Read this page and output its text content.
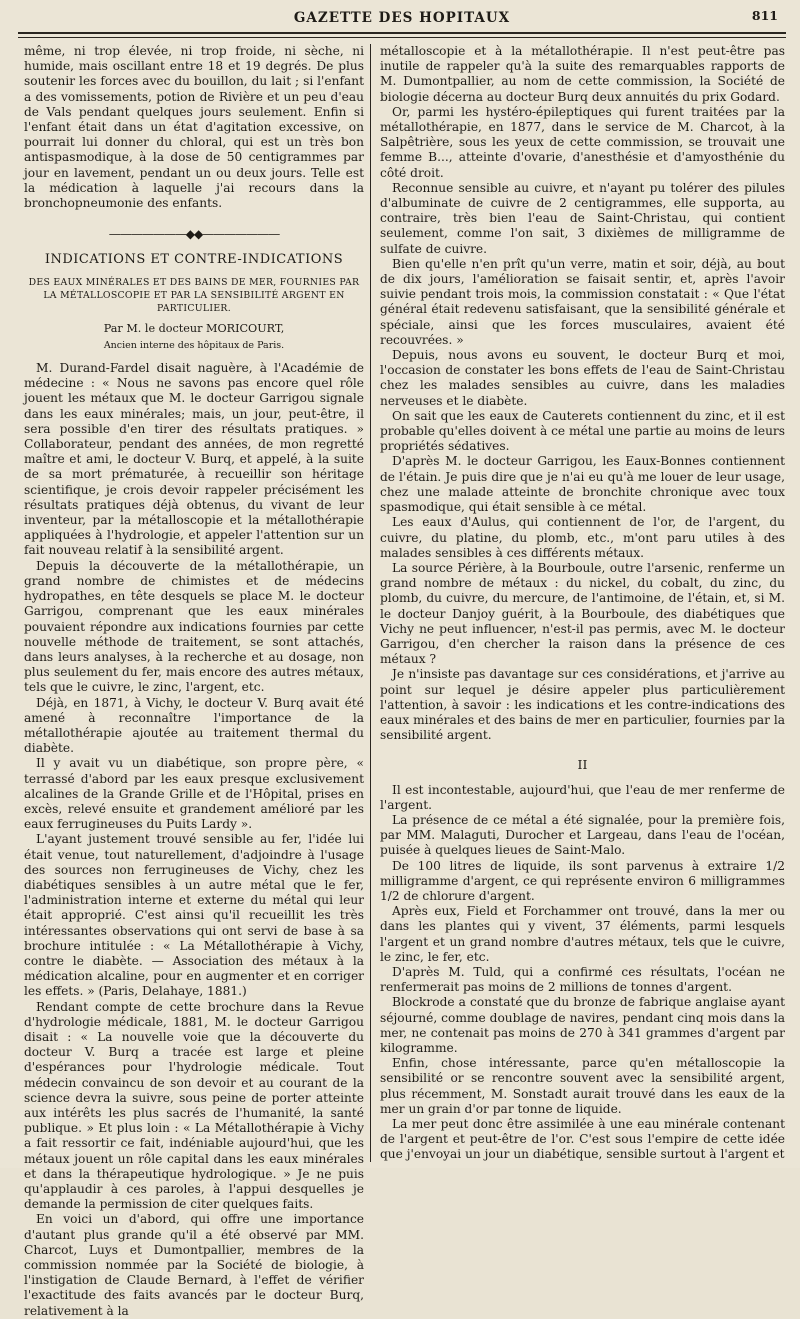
GAZETTE DES HOPITAUX	811

même, ni trop élevée, ni trop froide, ni sèche, ni humide, mais oscillant entre 18 et 19 degrés. De plus soutenir les forces avec du bouillon, du lait ; si l'enfant a des vomissements, potion de Rivière et un peu d'eau de Vals pendant quelques jours seulement. Enfin si l'enfant était dans un état d'agitation excessive, on pourrait lui donner du chloral, qui est un très bon antispasmodique, à la dose de 50 centigrammes par jour en lavement, pendant un ou deux jours. Telle est la médication à laquelle j'ai recours dans la bronchopneumonie des enfants.

———————◆◆———————
INDICATIONS ET CONTRE-INDICATIONS
DES EAUX MINÉRALES ET DES BAINS DE MER, FOURNIES PAR LA MÉTALLOSCOPIE ET PAR LA SENSIBILITÉ ARGENT EN PARTICULIER.
Par M. le docteur MORICOURT,
Ancien interne des hôpitaux de Paris.

M. Durand-Fardel disait naguère, à l'Académie de médecine : « Nous ne savons pas encore quel rôle jouent les métaux que M. le docteur Garrigou signale dans les eaux minérales; mais, un jour, peut-être, il sera possible d'en tirer des résultats pratiques. » Collaborateur, pendant des années, de mon regretté maître et ami, le docteur V. Burq, et appelé, à la suite de sa mort prématurée, à recueillir son héritage scientifique, je crois devoir rappeler précisément les résultats pratiques déjà obtenus, du vivant de leur inventeur, par la métalloscopie et la métallothérapie appliquées à l'hydrologie, et appeler l'attention sur un fait nouveau relatif à la sensibilité argent.

Depuis la découverte de la métallothérapie, un grand nombre de chimistes et de médecins hydropathes, en tête desquels se place M. le docteur Garrigou, comprenant que les eaux minérales pouvaient répondre aux indications fournies par cette nouvelle méthode de traitement, se sont attachés, dans leurs analyses, à la recherche et au dosage, non plus seulement du fer, mais encore des autres métaux, tels que le cuivre, le zinc, l'argent, etc.

Déjà, en 1871, à Vichy, le docteur V. Burq avait été amené à reconnaître l'importance de la métallothérapie ajoutée au traitement thermal du diabète.

Il y avait vu un diabétique, son propre père, « terrassé d'abord par les eaux presque exclusivement alcalines de la Grande Grille et de l'Hôpital, prises en excès, relevé ensuite et grandement amélioré par les eaux ferrugineuses du Puits Lardy ».

L'ayant justement trouvé sensible au fer, l'idée lui était venue, tout naturellement, d'adjoindre à l'usage des sources non ferrugineuses de Vichy, chez les diabétiques sensibles à un autre métal que le fer, l'administration interne et externe du métal qui leur était approprié. C'est ainsi qu'il recueillit les très intéressantes observations qui ont servi de base à sa brochure intitulée : « La Métallothérapie à Vichy, contre le diabète. — Association des métaux à la médication alcaline, pour en augmenter et en corriger les effets. » (Paris, Delahaye, 1881.)

Rendant compte de cette brochure dans la Revue d'hydrologie médicale, 1881, M. le docteur Garrigou disait : « La nouvelle voie que la découverte du docteur V. Burq a tracée est large et pleine d'espérances pour l'hydrologie médicale. Tout médecin convaincu de son devoir et au courant de la science devra la suivre, sous peine de porter atteinte aux intérêts les plus sacrés de l'humanité, la santé publique. » Et plus loin : « La Métallothérapie à Vichy a fait ressortir ce fait, indéniable aujourd'hui, que les métaux jouent un rôle capital dans les eaux minérales et dans la thérapeutique hydrologique. » Je ne puis qu'applaudir à ces paroles, à l'appui desquelles je demande la permission de citer quelques faits.

En voici un d'abord, qui offre une importance d'autant plus grande qu'il a été observé par MM. Charcot, Luys et Dumontpallier, membres de la commission nommée par la Société de biologie, à l'instigation de Claude Bernard, à l'effet de vérifier l'exactitude des faits avancés par le docteur Burq, relativement à la

métalloscopie et à la métallothérapie. Il n'est peut-être pas inutile de rappeler qu'à la suite des remarquables rapports de M. Dumontpallier, au nom de cette commission, la Société de biologie décerna au docteur Burq deux annuités du prix Godard.

Or, parmi les hystéro-épileptiques qui furent traitées par la métallothérapie, en 1877, dans le service de M. Charcot, à la Salpêtrière, sous les yeux de cette commission, se trouvait une femme B..., atteinte d'ovarie, d'anesthésie et d'amyosthénie du côté droit.

Reconnue sensible au cuivre, et n'ayant pu tolérer des pilules d'albuminate de cuivre de 2 centigrammes, elle supporta, au contraire, très bien l'eau de Saint-Christau, qui contient seulement, comme l'on sait, 3 dixièmes de milligramme de sulfate de cuivre.

Bien qu'elle n'en prît qu'un verre, matin et soir, déjà, au bout de dix jours, l'amélioration se faisait sentir, et, après l'avoir suivie pendant trois mois, la commission constatait : « Que l'état général était redevenu satisfaisant, que la sensibilité générale et spéciale, ainsi que les forces musculaires, avaient été recouvrées. »

Depuis, nous avons eu souvent, le docteur Burq et moi, l'occasion de constater les bons effets de l'eau de Saint-Christau chez les malades sensibles au cuivre, dans les maladies nerveuses et le diabète.

On sait que les eaux de Cauterets contiennent du zinc, et il est probable qu'elles doivent à ce métal une partie au moins de leurs propriétés sédatives.

D'après M. le docteur Garrigou, les Eaux-Bonnes contiennent de l'étain. Je puis dire que je n'ai eu qu'à me louer de leur usage, chez une malade atteinte de bronchite chronique avec toux spasmodique, qui était sensible à ce métal.

Les eaux d'Aulus, qui contiennent de l'or, de l'argent, du cuivre, du platine, du plomb, etc., m'ont paru utiles à des malades sensibles à ces différents métaux.

La source Périère, à la Bourboule, outre l'arsenic, renferme un grand nombre de métaux : du nickel, du cobalt, du zinc, du plomb, du cuivre, du mercure, de l'antimoine, de l'étain, et, si M. le docteur Danjoy guérit, à la Bourboule, des diabétiques que Vichy ne peut influencer, n'est-il pas permis, avec M. le docteur Garrigou, d'en chercher la raison dans la présence de ces métaux ?

Je n'insiste pas davantage sur ces considérations, et j'arrive au point sur lequel je désire appeler plus particulièrement l'attention, à savoir : les indications et les contre-indications des eaux minérales et des bains de mer en particulier, fournies par la sensibilité argent.

II

Il est incontestable, aujourd'hui, que l'eau de mer renferme de l'argent.

La présence de ce métal a été signalée, pour la première fois, par MM. Malaguti, Durocher et Largeau, dans l'eau de l'océan, puisée à quelques lieues de Saint-Malo.

De 100 litres de liquide, ils sont parvenus à extraire 1/2 milligramme d'argent, ce qui représente environ 6 milligrammes 1/2 de chlorure d'argent.

Après eux, Field et Forchammer ont trouvé, dans la mer ou dans les plantes qui y vivent, 37 éléments, parmi lesquels l'argent et un grand nombre d'autres métaux, tels que le cuivre, le zinc, le fer, etc.

D'après M. Tuld, qui a confirmé ces résultats, l'océan ne renfermerait pas moins de 2 millions de tonnes d'argent.

Blockrode a constaté que du bronze de fabrique anglaise ayant séjourné, comme doublage de navires, pendant cinq mois dans la mer, ne contenait pas moins de 270 à 341 grammes d'argent par kilogramme.

Enfin, chose intéressante, parce qu'en métalloscopie la sensibilité or se rencontre souvent avec la sensibilité argent, plus récemment, M. Sonstadt aurait trouvé dans les eaux de la mer un grain d'or par tonne de liquide.

La mer peut donc être assimilée à une eau minérale contenant de l'argent et peut-être de l'or. C'est sous l'empire de cette idée que j'envoyai un jour un diabétique, sensible surtout à l'argent et
